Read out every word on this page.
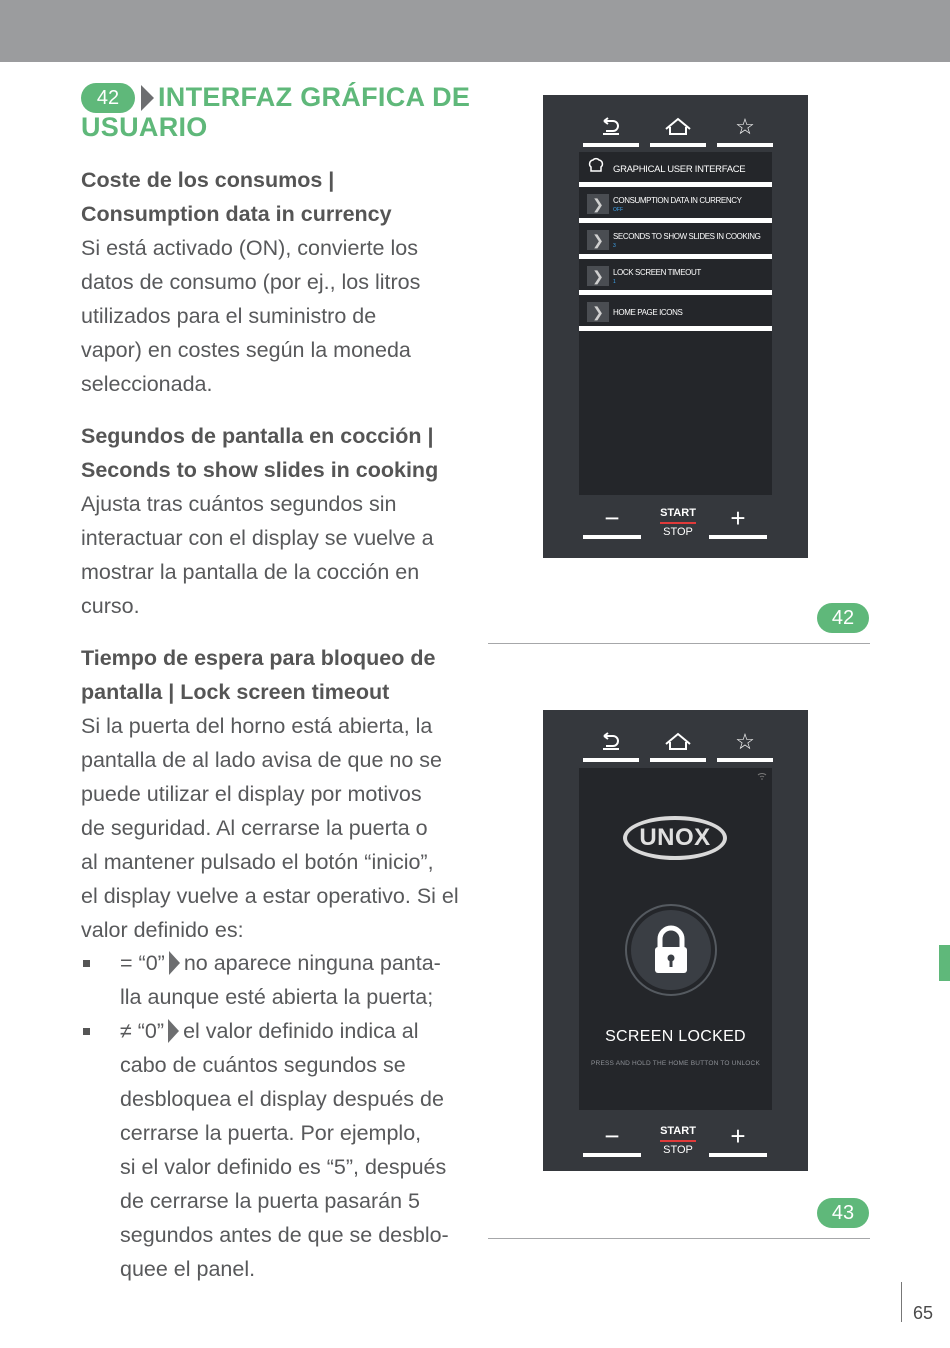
42 INTERFAZ GRÁFICA DE
USUARIO
Coste de los consumos |
Consumption data in currency
Si está activado (ON), convierte los
datos de consumo (por ej., los litros
utilizados para el suministro de
vapor) en costes según la moneda
seleccionada.
Segundos de pantalla en cocción |
Seconds to show slides in cooking
Ajusta tras cuántos segundos sin
interactuar con el display se vuelve a
mostrar la pantalla de la cocción en
curso.
Tiempo de espera para bloqueo de
pantalla | Lock screen timeout
Si la puerta del horno está abierta, la
pantalla de al lado avisa de que no se
puede utilizar el display por motivos
de seguridad. Al cerrarse la puerta o
al mantener pulsado el botón “inicio”,
el display vuelve a estar operativo. Si el
valor definido es:
= “0” no aparece ninguna panta-
lla aunque esté abierta la puerta;
≠ “0” el valor definido indica al
cabo de cuántos segundos se
desbloquea el display después de
cerrarse la puerta. Por ejemplo,
si el valor definido es “5”, después
de cerrarse la puerta pasarán 5
segundos antes de que se desblo-
quee el panel.
☆
GRAPHICAL USER INTERFACE
❯	CONSUMPTION DATA IN CURRENCY
OFF
❯	SECONDS TO SHOW SLIDES IN COOKING
3
❯	LOCK SCREEN TIMEOUT
1
❯	HOME PAGE ICONS
−	START
STOP	+
42
☆
UNOX
SCREEN LOCKED
PRESS AND HOLD THE HOME BUTTON TO UNLOCK
−	START
STOP	+
43
65
